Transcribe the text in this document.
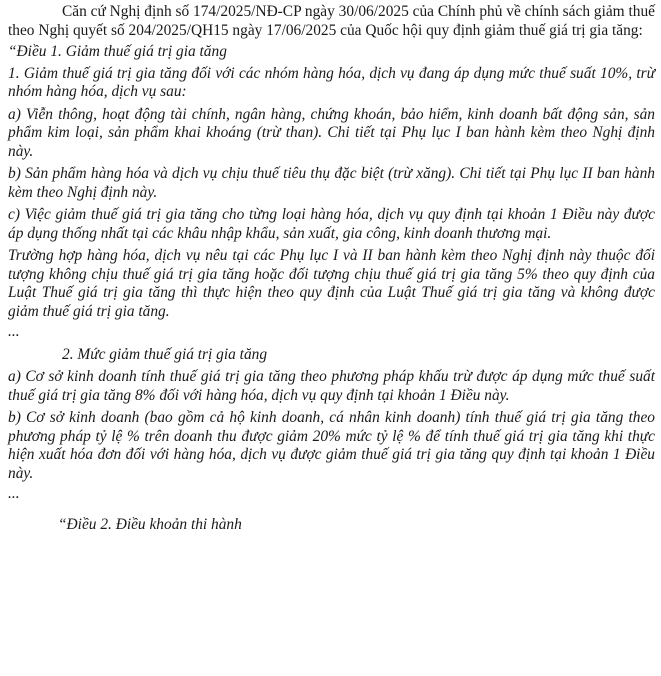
Căn cứ Nghị định số 174/2025/NĐ-CP ngày 30/06/2025 của Chính phủ về chính sách giảm thuế theo Nghị quyết số 204/2025/QH15 ngày 17/06/2025 của Quốc hội quy định giảm thuế giá trị gia tăng:

“Điều 1. Giảm thuế giá trị gia tăng

1. Giảm thuế giá trị gia tăng đối với các nhóm hàng hóa, dịch vụ đang áp dụng mức thuế suất 10%, trừ nhóm hàng hóa, dịch vụ sau:

a) Viễn thông, hoạt động tài chính, ngân hàng, chứng khoán, bảo hiểm, kinh doanh bất động sản, sản phẩm kim loại, sản phẩm khai khoáng (trừ than). Chi tiết tại Phụ lục I ban hành kèm theo Nghị định này.

b) Sản phẩm hàng hóa và dịch vụ chịu thuế tiêu thụ đặc biệt (trừ xăng). Chi tiết tại Phụ lục II ban hành kèm theo Nghị định này.

c) Việc giảm thuế giá trị gia tăng cho từng loại hàng hóa, dịch vụ quy định tại khoản 1 Điều này được áp dụng thống nhất tại các khâu nhập khẩu, sản xuất, gia công, kinh doanh thương mại.

Trường hợp hàng hóa, dịch vụ nêu tại các Phụ lục I và II ban hành kèm theo Nghị định này thuộc đối tượng không chịu thuế giá trị gia tăng hoặc đối tượng chịu thuế giá trị gia tăng 5% theo quy định của Luật Thuế giá trị gia tăng thì thực hiện theo quy định của Luật Thuế giá trị gia tăng và không được giảm thuế giá trị gia tăng.

...

2. Mức giảm thuế giá trị gia tăng

a) Cơ sở kinh doanh tính thuế giá trị gia tăng theo phương pháp khấu trừ được áp dụng mức thuế suất thuế giá trị gia tăng 8% đối với hàng hóa, dịch vụ quy định tại khoản 1 Điều này.

b) Cơ sở kinh doanh (bao gồm cả hộ kinh doanh, cá nhân kinh doanh) tính thuế giá trị gia tăng theo phương pháp tỷ lệ % trên doanh thu được giảm 20% mức tỷ lệ % để tính thuế giá trị gia tăng khi thực hiện xuất hóa đơn đối với hàng hóa, dịch vụ được giảm thuế giá trị gia tăng quy định tại khoản 1 Điều này.

...

“Điều 2. Điều khoản thi hành
